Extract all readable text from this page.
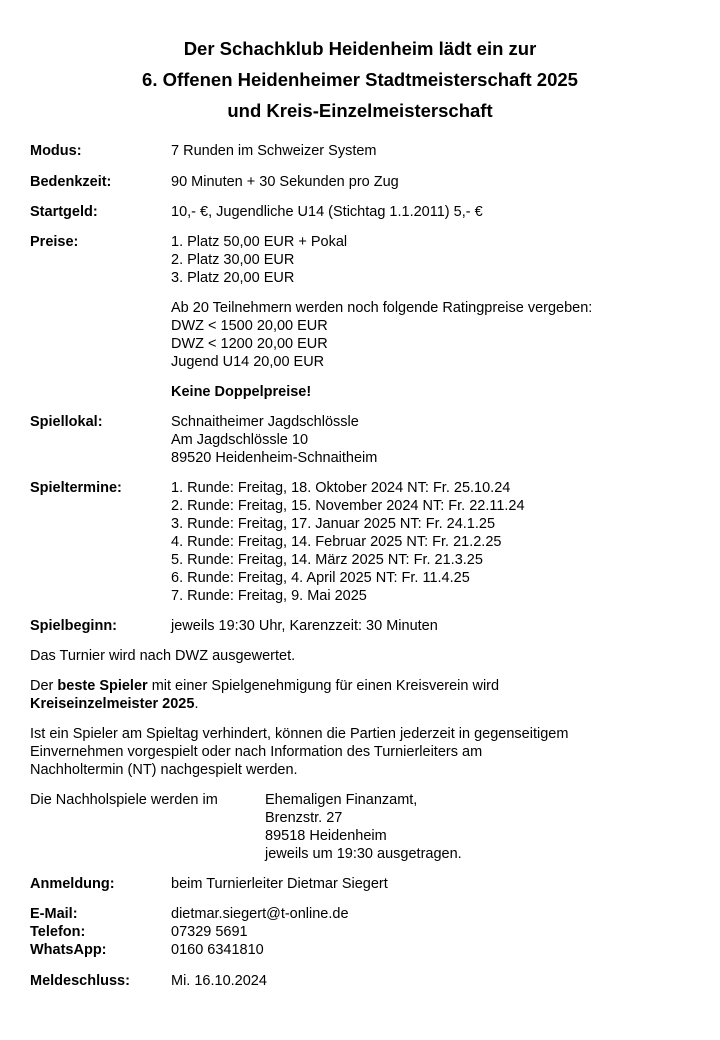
Der Schachklub Heidenheim lädt ein zur
6. Offenen Heidenheimer Stadtmeisterschaft 2025
und Kreis-Einzelmeisterschaft
Modus:	7 Runden im Schweizer System
Bedenkzeit:	90 Minuten + 30 Sekunden pro Zug
Startgeld:	10,- €, Jugendliche U14 (Stichtag 1.1.2011) 5,- €
Preise:	1. Platz 50,00 EUR + Pokal
2. Platz 30,00 EUR
3. Platz 20,00 EUR
Ab 20 Teilnehmern werden noch folgende Ratingpreise vergeben:
DWZ < 1500 20,00 EUR
DWZ < 1200 20,00 EUR
Jugend U14 20,00 EUR
Keine Doppelpreise!
Spiellokal:	Schnaitheimer Jagdschlössle
Am Jagdschlössle 10
89520 Heidenheim-Schnaitheim
Spieltermine:	1. Runde: Freitag, 18. Oktober 2024 NT: Fr. 25.10.24
2. Runde: Freitag, 15. November 2024 NT: Fr. 22.11.24
3. Runde: Freitag, 17. Januar 2025 NT: Fr. 24.1.25
4. Runde: Freitag, 14. Februar 2025 NT: Fr. 21.2.25
5. Runde: Freitag, 14. März 2025 NT: Fr. 21.3.25
6. Runde: Freitag, 4. April 2025 NT: Fr. 11.4.25
7. Runde: Freitag, 9. Mai 2025
Spielbeginn:	jeweils 19:30 Uhr, Karenzzeit: 30 Minuten
Das Turnier wird nach DWZ ausgewertet.
Der beste Spieler mit einer Spielgenehmigung für einen Kreisverein wird
Kreiseinzelmeister 2025.
Ist ein Spieler am Spieltag verhindert, können die Partien jederzeit in gegenseitigem
Einvernehmen vorgespielt oder nach Information des Turnierleiters am
Nachholtermin (NT) nachgespielt werden.
Die Nachholspiele werden im	Ehemaligen Finanzamt,
Brenzstr. 27
89518 Heidenheim
jeweils um 19:30 ausgetragen.
Anmeldung:	beim Turnierleiter Dietmar Siegert
E-Mail:	dietmar.siegert@t-online.de
Telefon:	07329 5691
WhatsApp:	0160 6341810
Meldeschluss:	Mi. 16.10.2024
